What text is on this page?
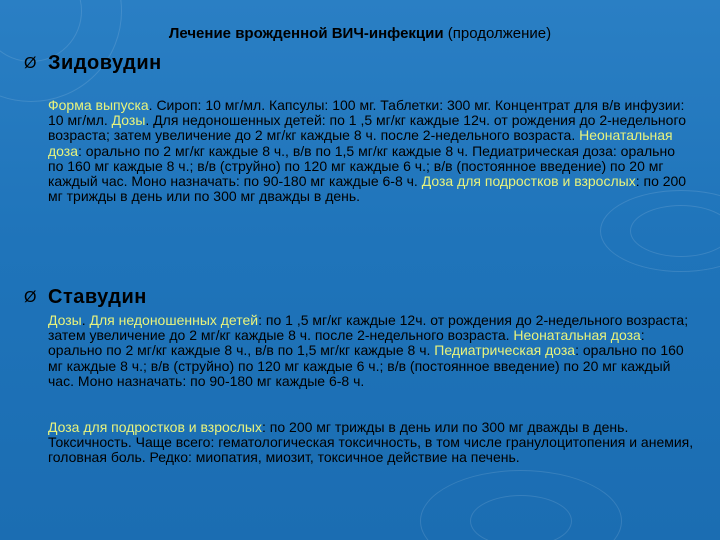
Лечение врожденной ВИЧ-инфекции (продолжение)
Ø Зидовудин
Форма выпуска. Сироп: 10 мг/мл. Капсулы: 100 мг. Таблетки: 300 мг. Концентрат для в/в инфузии: 10 мг/мл. Дозы. Для недоношенных детей: по 1 ,5 мг/кг каждые 12ч. от рождения до 2-недельного возраста; затем увеличение до 2 мг/кг каждые 8 ч. после 2-недельного возраста. Неонатальная доза: орально по 2 мг/кг каждые 8 ч., в/в по 1,5 мг/кг каждые 8 ч. Педиатрическая доза: орально по 160 мг каждые 8 ч.; в/в (струйно) по 120 мг каждые 6 ч.; в/в (постоянное введение) по 20 мг каждый час. Моно назначать: по 90-180 мг каждые 6-8 ч. Доза для подростков и взрослых: по 200 мг трижды в день или по 300 мг дважды в день.
Ø Ставудин
Дозы. Для недоношенных детей: по 1 ,5 мг/кг каждые 12ч. от рождения до 2-недельного возраста; затем увеличение до 2 мг/кг каждые 8 ч. после 2-недельного возраста. Неонатальная доза: орально по 2 мг/кг каждые 8 ч., в/в по 1,5 мг/кг каждые 8 ч. Педиатрическая доза: орально по 160 мг каждые 8 ч.; в/в (струйно) по 120 мг каждые 6 ч.; в/в (постоянное введение) по 20 мг каждый час. Моно назначать: по 90-180 мг каждые 6-8 ч.
Доза для подростков и взрослых: по 200 мг трижды в день или по 300 мг дважды в день. Токсичность. Чаще всего: гематологическая токсичность, в том числе гранулоцитопения и анемия, головная боль. Редко: миопатия, миозит, токсичное действие на печень.
